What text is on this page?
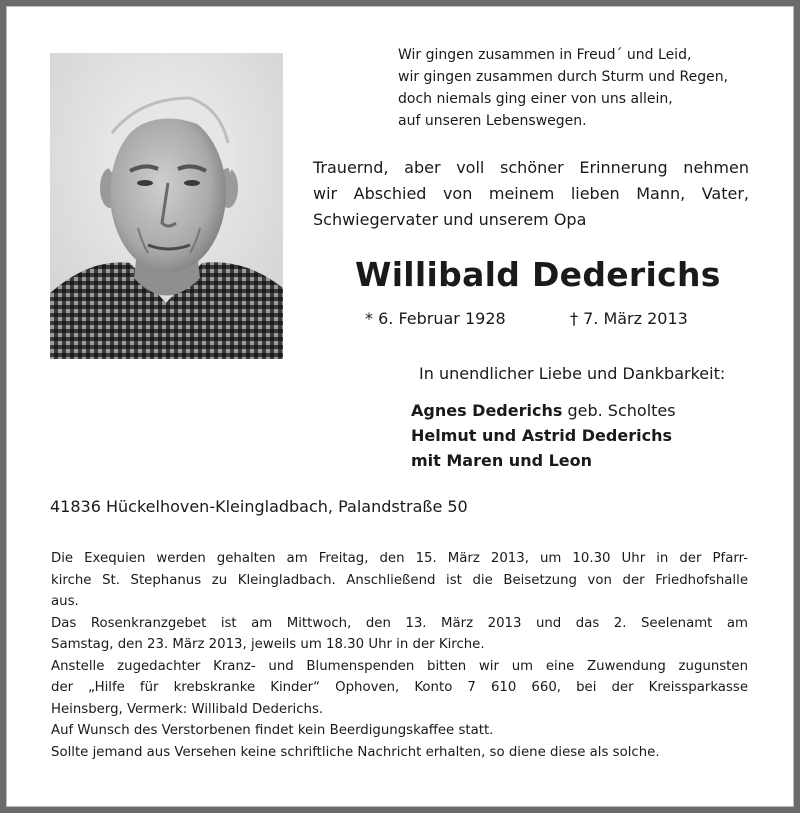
Wir gingen zusammen in Freud´ und Leid,
wir gingen zusammen durch Sturm und Regen,
doch niemals ging einer von uns allein,
auf unseren Lebenswegen.
Trauernd, aber voll schöner Erinnerung nehmen
wir Abschied von meinem lieben Mann, Vater,
Schwiegervater und unserem Opa
Willibald Dederichs
* 6. Februar 1928	† 7. März 2013
In unendlicher Liebe und Dankbarkeit:
Agnes Dederichs geb. Scholtes
Helmut und Astrid Dederichs
mit Maren und Leon
41836 Hückelhoven-Kleingladbach, Palandstraße 50
Die Exequien werden gehalten am Freitag, den 15. März 2013, um 10.30 Uhr in der Pfarr-
kirche St. Stephanus zu Kleingladbach. Anschließend ist die Beisetzung von der Friedhofshalle
aus.
Das Rosenkranzgebet ist am Mittwoch, den 13. März 2013 und das 2. Seelenamt am
Samstag, den 23. März 2013, jeweils um 18.30 Uhr in der Kirche.
Anstelle zugedachter Kranz- und Blumenspenden bitten wir um eine Zuwendung zugunsten
der „Hilfe für krebskranke Kinder“ Ophoven, Konto 7 610 660, bei der Kreissparkasse
Heinsberg, Vermerk: Willibald Dederichs.
Auf Wunsch des Verstorbenen findet kein Beerdigungskaffee statt.
Sollte jemand aus Versehen keine schriftliche Nachricht erhalten, so diene diese als solche.
